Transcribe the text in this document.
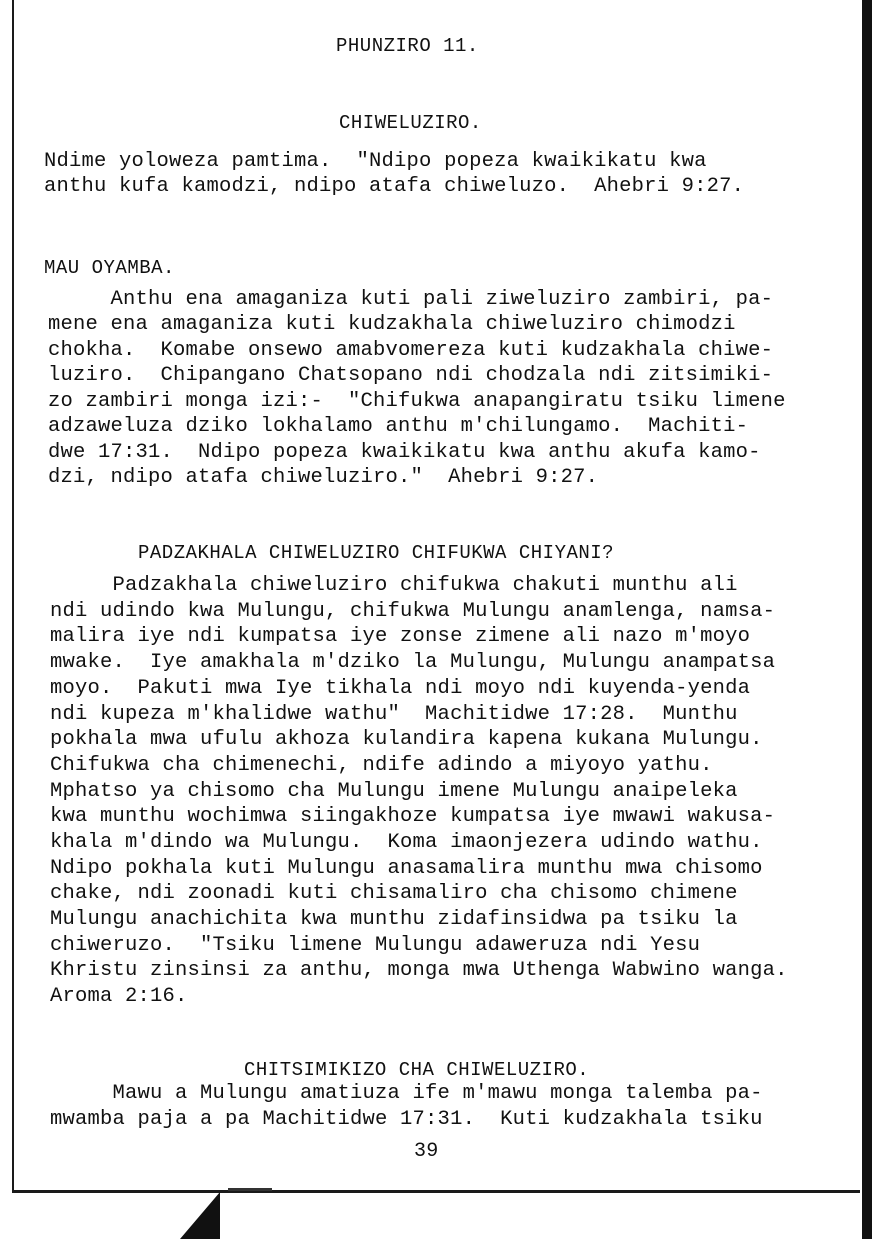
PHUNZIRO 11.
CHIWELUZIRO.
Ndime yolowezа pamtima.  "Ndipo popeza kwaikikatu kwa
anthu kufa kamodzi, ndipo atafa chiweluzo.  Ahebri 9:27.
MAU OYAMBA.
Anthu ena amaganiza kuti pali ziweluziro zambiri, pa-
mene ena amaganiza kuti kudzakhala chiweluziro chimodzi
chokha.  Komabe onsewo amabvomereza kuti kudzakhala chiwe-
luziro.  Chipangano Chatsopano ndi chodzala ndi zitsimiki-
zo zambiri monga izi:-  "Chifukwa anapangiratu tsiku limene
adzaweluza dziko lokhalamo anthu m'chilungamo.  Machiti-
dwe 17:31.  Ndipo popeza kwaikikatu kwa anthu akufa kamo-
dzi, ndipo atafa chiweluziro."  Ahebri 9:27.
PADZAKHALA CHIWELUZIRO CHIFUKWA CHIYANI?
Padzakhala chiweluziro chifukwa chakuti munthu ali
ndi udindo kwa Mulungu, chifukwa Mulungu anamlenga, namsa-
malira iye ndi kumpatsa iye zonse zimene ali nazo m'moyo
mwake.  Iye amakhala m'dziko la Mulungu, Mulungu anampatsa
moyo.  Pakuti mwa Iye tikhala ndi moyo ndi kuyenda-yenda
ndi kupeza m'khalidwe wathu"  Machitidwe 17:28.  Munthu
pokhala mwa ufulu akhoza kulandira kapena kukana Mulungu.
Chifukwa cha chimenechi, ndife adindo a miyoyo yathu.
Mphatso ya chisomo cha Mulungu imene Mulungu anaipeleka
kwa munthu wochimwa siingakhoze kumpatsa iye mwawi wakusa-
khala m'dindo wa Mulungu.  Koma imaonjezera udindo wathu.
Ndipo pokhala kuti Mulungu anasamalira munthu mwa chisomo
chake, ndi zoonadi kuti chisamaliro cha chisomo chimene
Mulungu anachichita kwa munthu zidafinsidwa pa tsiku la
chiweruzo.  "Tsiku limene Mulungu adaweruza ndi Yesu
Khristu zinsinsi za anthu, monga mwa Uthenga Wabwino wanga.
Aroma 2:16.
CHITSIMIKIZO CHA CHIWELUZIRO.
Mawu a Mulungu amatiuza ife m'mawu monga talemba pa-
mwamba paja a pa Machitidwe 17:31.  Kuti kudzakhala tsiku
39
